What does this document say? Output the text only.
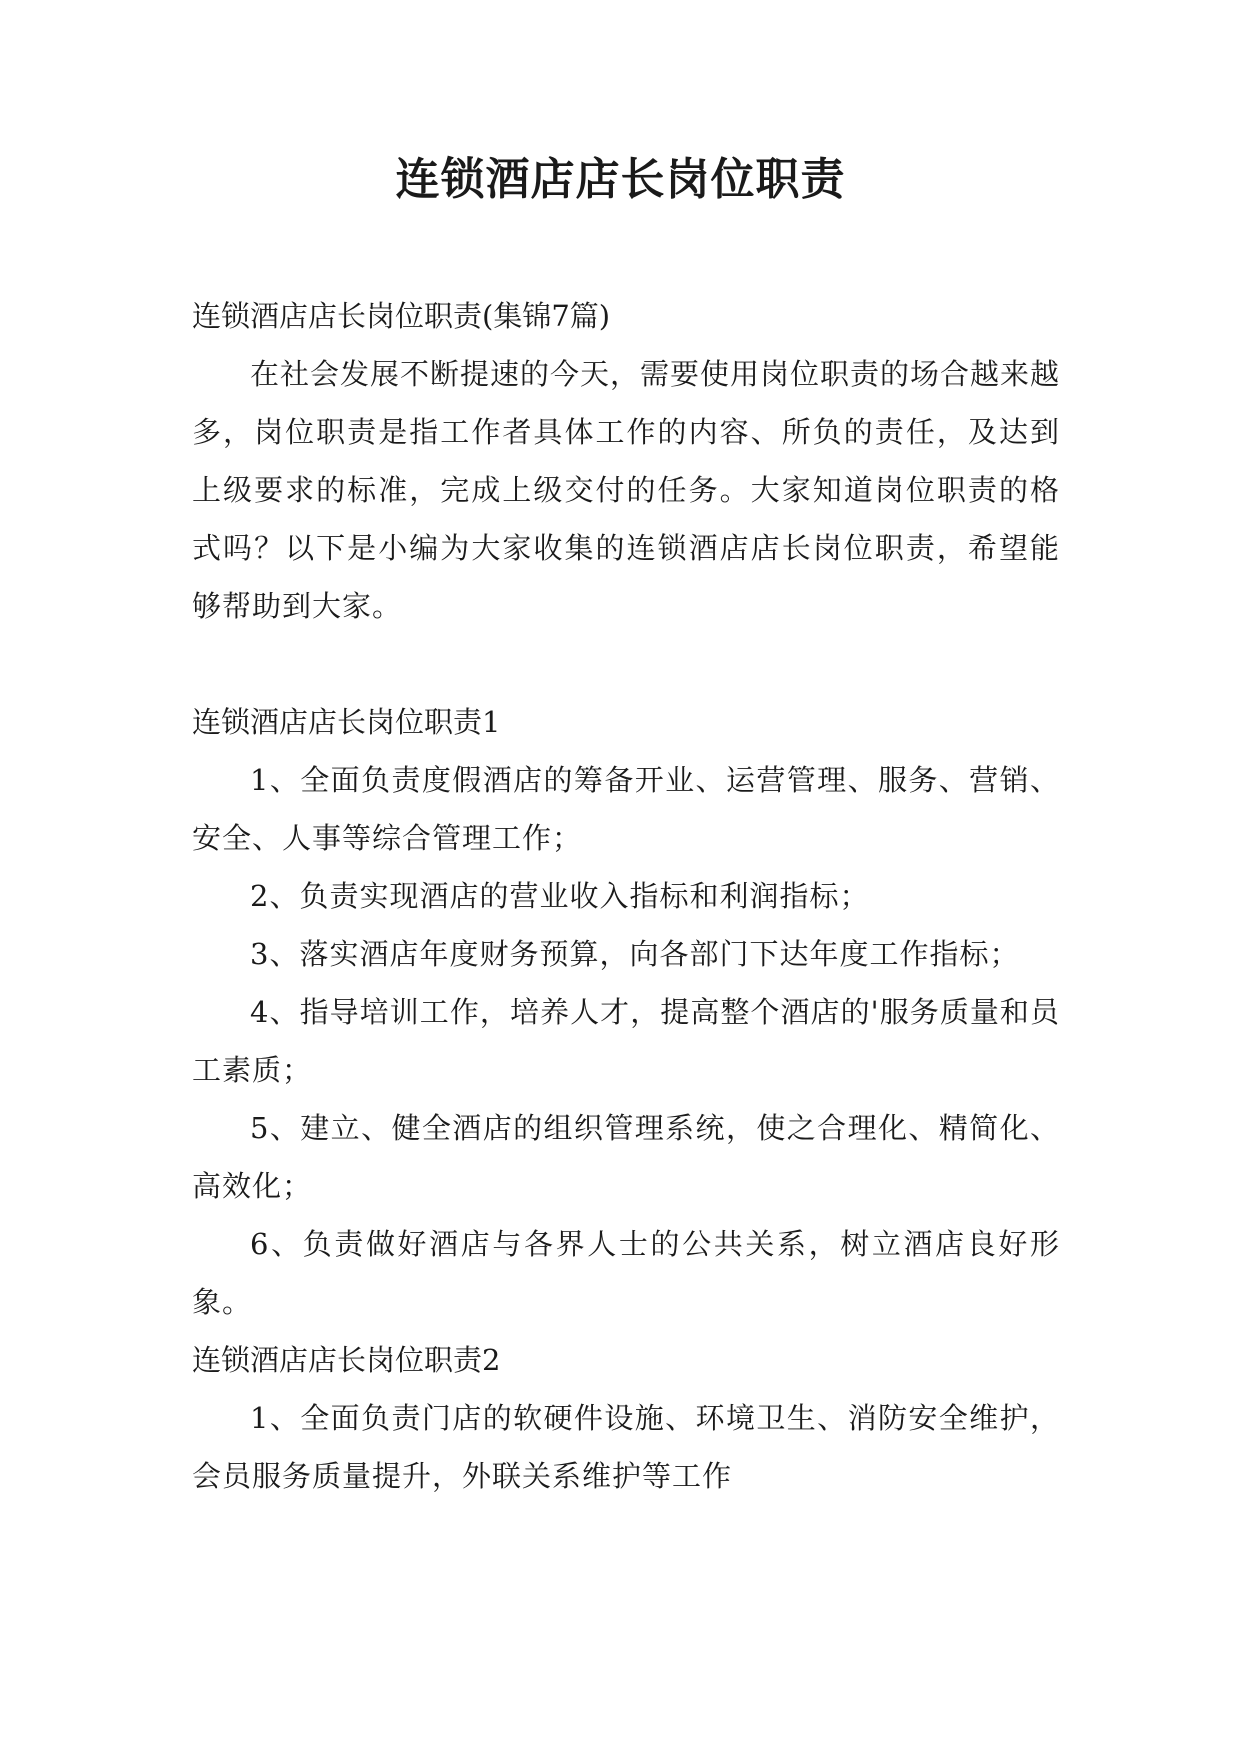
连锁酒店店长岗位职责

连锁酒店店长岗位职责(集锦7篇)

在社会发展不断提速的今天，需要使用岗位职责的场合越来越多，岗位职责是指工作者具体工作的内容、所负的责任，及达到上级要求的标准，完成上级交付的任务。大家知道岗位职责的格式吗？以下是小编为大家收集的连锁酒店店长岗位职责，希望能够帮助到大家。

连锁酒店店长岗位职责1

1、全面负责度假酒店的筹备开业、运营管理、服务、营销、安全、人事等综合管理工作；

2、负责实现酒店的营业收入指标和利润指标；

3、落实酒店年度财务预算，向各部门下达年度工作指标；

4、指导培训工作，培养人才，提高整个酒店的'服务质量和员工素质；

5、建立、健全酒店的组织管理系统，使之合理化、精简化、高效化；

6、负责做好酒店与各界人士的公共关系，树立酒店良好形象。

连锁酒店店长岗位职责2

1、全面负责门店的软硬件设施、环境卫生、消防安全维护，会员服务质量提升，外联关系维护等工作
